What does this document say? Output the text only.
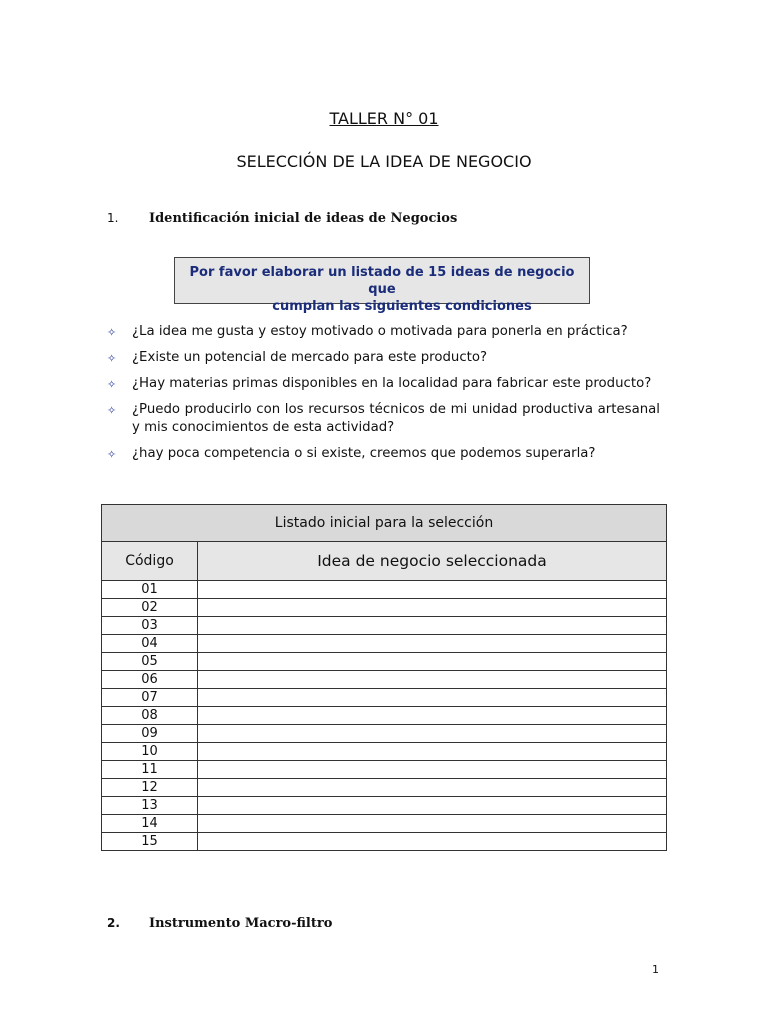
TALLER N° 01
SELECCIÓN DE LA IDEA DE NEGOCIO
1. Identificación inicial de ideas de Negocios
Por favor elaborar un listado de 15 ideas de negocio que
cumplan las siguientes condiciones
✧ ¿La idea me gusta y estoy motivado o motivada para ponerla en práctica?
✧ ¿Existe un potencial de mercado para este producto?
✧ ¿Hay materias primas disponibles en la localidad para fabricar este producto?
✧ ¿Puedo producirlo con los recursos técnicos de mi unidad productiva artesanal y mis conocimientos de esta actividad?
✧ ¿hay poca competencia o si existe, creemos que podemos superarla?
Listado inicial para la selección	
Código	Idea de negocio seleccionada
01	
02	
03	
04	
05	
06	
07	
08	
09	
10	
11	
12	
13	
14	
15	
2. Instrumento Macro-filtro
1
